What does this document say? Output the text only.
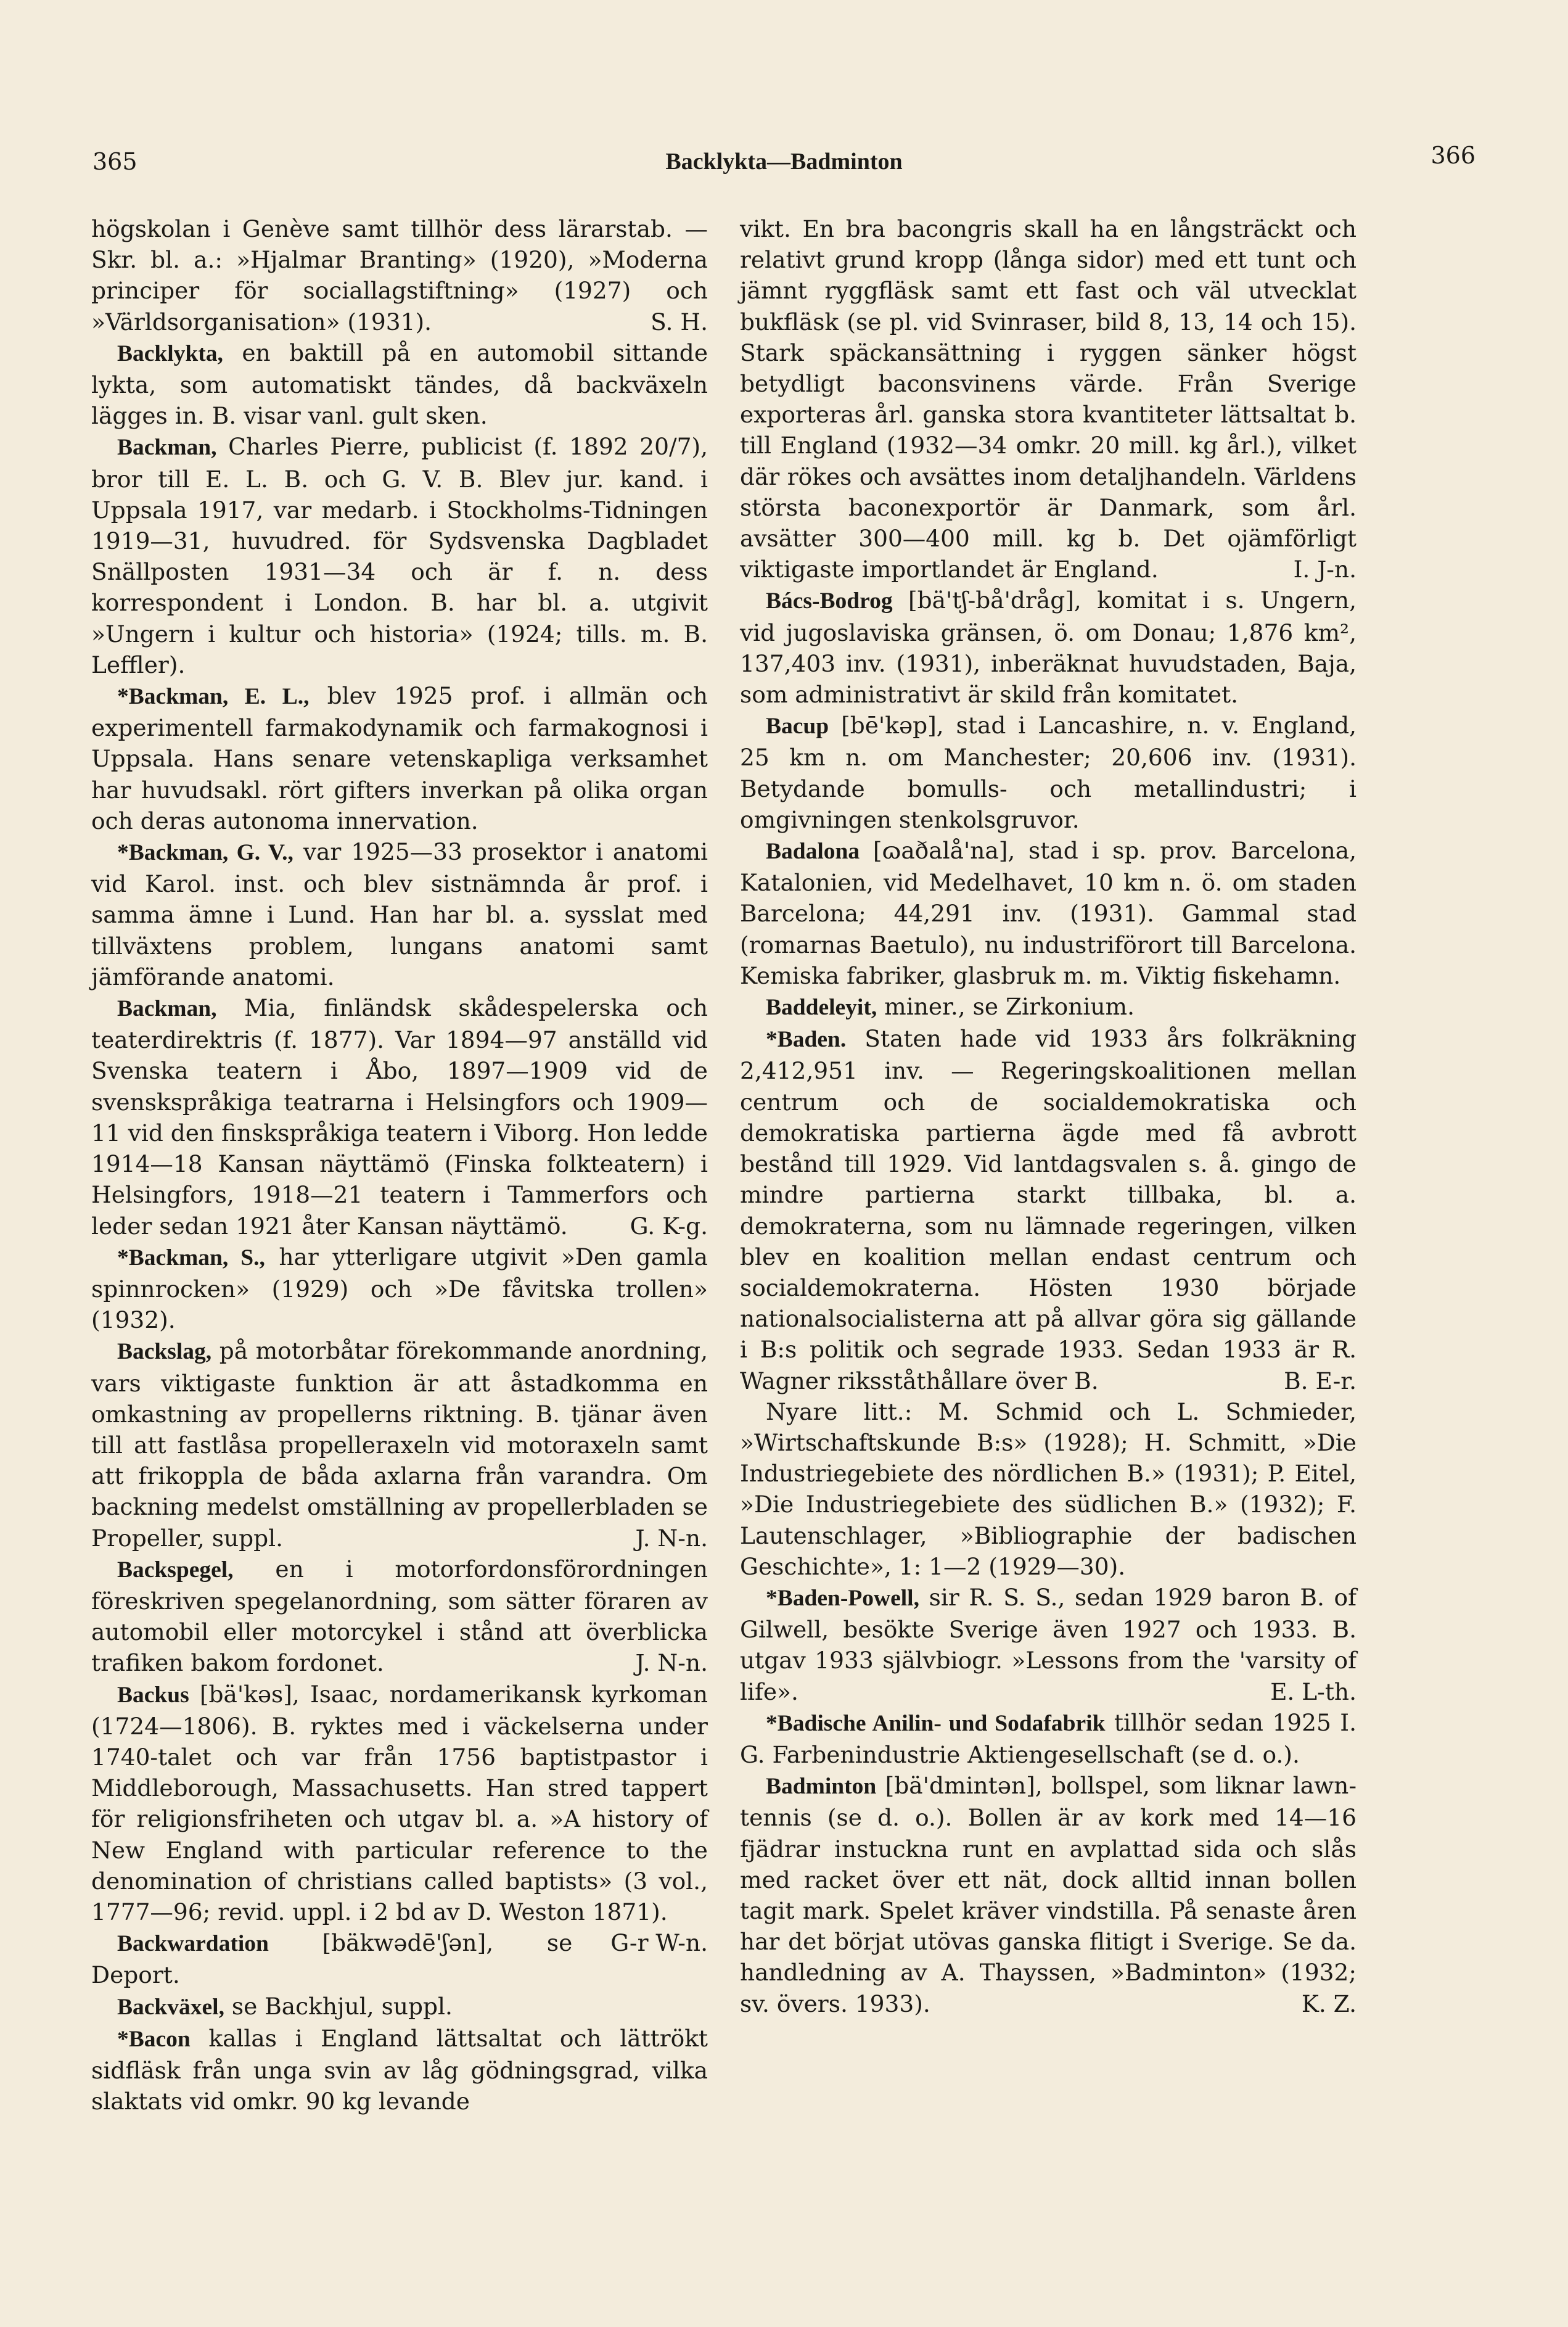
365	Backlykta—Badminton	366

högskolan i Genève samt tillhör dess lärarstab. — Skr. bl. a.: »Hjalmar Branting» (1920), »Moderna principer för sociallagstiftning» (1927) och »Världsorganisation» (1931).	S. H.

Backlykta, en baktill på en automobil sittande lykta, som automatiskt tändes, då backväxeln lägges in. B. visar vanl. gult sken.

Backman, Charles Pierre, publicist (f. 1892 20/7), bror till E. L. B. och G. V. B. Blev jur. kand. i Uppsala 1917, var medarb. i Stockholms-Tidningen 1919—31, huvudred. för Sydsvenska Dagbladet Snällposten 1931—34 och är f. n. dess korrespondent i London. B. har bl. a. utgivit »Ungern i kultur och historia» (1924; tills. m. B. Leffler).

*Backman, E. L., blev 1925 prof. i allmän och experimentell farmakodynamik och farmakognosi i Uppsala. Hans senare vetenskapliga verksamhet har huvudsakl. rört gifters inverkan på olika organ och deras autonoma innervation.

*Backman, G. V., var 1925—33 prosektor i anatomi vid Karol. inst. och blev sistnämnda år prof. i samma ämne i Lund. Han har bl. a. sysslat med tillväxtens problem, lungans anatomi samt jämförande anatomi.

Backman, Mia, finländsk skådespelerska och teaterdirektris (f. 1877). Var 1894—97 anställd vid Svenska teatern i Åbo, 1897—1909 vid de svenskspråkiga teatrarna i Helsingfors och 1909—11 vid den finskspråkiga teatern i Viborg. Hon ledde 1914—18 Kansan näyttämö (Finska folkteatern) i Helsingfors, 1918—21 teatern i Tammerfors och leder sedan 1921 åter Kansan näyttämö.	G. K-g.

*Backman, S., har ytterligare utgivit »Den gamla spinnrocken» (1929) och »De fåvitska trollen» (1932).

Backslag, på motorbåtar förekommande anordning, vars viktigaste funktion är att åstadkomma en omkastning av propellerns riktning. B. tjänar även till att fastlåsa propelleraxeln vid motoraxeln samt att frikoppla de båda axlarna från varandra. Om backning medelst omställning av propellerbladen se Propeller, suppl.	J. N-n.

Backspegel, en i motorfordonsförordningen föreskriven spegelanordning, som sätter föraren av automobil eller motorcykel i stånd att överblicka trafiken bakom fordonet.	J. N-n.

Backus [bä'kəs], Isaac, nordamerikansk kyrkoman (1724—1806). B. ryktes med i väckelserna under 1740-talet och var från 1756 baptistpastor i Middleborough, Massachusetts. Han stred tappert för religionsfriheten och utgav bl. a. »A history of New England with particular reference to the denomination of christians called baptists» (3 vol., 1777—96; revid. uppl. i 2 bd av D. Weston 1871).
G-r W-n.

Backwardation [bäkwədē'ʃən], se Deport.

Backväxel, se Backhjul, suppl.

*Bacon kallas i England lättsaltat och lättrökt sidfläsk från unga svin av låg gödningsgrad, vilka slaktats vid omkr. 90 kg levande

vikt. En bra bacongris skall ha en långsträckt och relativt grund kropp (långa sidor) med ett tunt och jämnt ryggfläsk samt ett fast och väl utvecklat bukfläsk (se pl. vid Svinraser, bild 8, 13, 14 och 15). Stark späckansättning i ryggen sänker högst betydligt baconsvinens värde. Från Sverige exporteras årl. ganska stora kvantiteter lättsaltat b. till England (1932—34 omkr. 20 mill. kg årl.), vilket där rökes och avsättes inom detaljhandeln. Världens största baconexportör är Danmark, som årl. avsätter 300—400 mill. kg b. Det ojämförligt viktigaste importlandet är England.	I. J-n.

Bács-Bodrog [bä'tʃ-bå'dråg], komitat i s. Ungern, vid jugoslaviska gränsen, ö. om Donau; 1,876 km², 137,403 inv. (1931), inberäknat huvudstaden, Baja, som administrativt är skild från komitatet.

Bacup [bē'kəp], stad i Lancashire, n. v. England, 25 km n. om Manchester; 20,606 inv. (1931). Betydande bomulls- och metallindustri; i omgivningen stenkolsgruvor.

Badalona [ɷaðalå'na], stad i sp. prov. Barcelona, Katalonien, vid Medelhavet, 10 km n. ö. om staden Barcelona; 44,291 inv. (1931). Gammal stad (romarnas Baetulo), nu industriförort till Barcelona. Kemiska fabriker, glasbruk m. m. Viktig fiskehamn.

Baddeleyit, miner., se Zirkonium.

*Baden. Staten hade vid 1933 års folkräkning 2,412,951 inv. — Regeringskoalitionen mellan centrum och de socialdemokratiska och demokratiska partierna ägde med få avbrott bestånd till 1929. Vid lantdagsvalen s. å. gingo de mindre partierna starkt tillbaka, bl. a. demokraterna, som nu lämnade regeringen, vilken blev en koalition mellan endast centrum och socialdemokraterna. Hösten 1930 började nationalsocialisterna att på allvar göra sig gällande i B:s politik och segrade 1933. Sedan 1933 är R. Wagner riksståthållare över B.	B. E-r.

Nyare litt.: M. Schmid och L. Schmieder, »Wirtschaftskunde B:s» (1928); H. Schmitt, »Die Industriegebiete des nördlichen B.» (1931); P. Eitel, »Die Industriegebiete des südlichen B.» (1932); F. Lautenschlager, »Bibliographie der badischen Geschichte», 1: 1—2 (1929—30).

*Baden-Powell, sir R. S. S., sedan 1929 baron B. of Gilwell, besökte Sverige även 1927 och 1933. B. utgav 1933 självbiogr. »Lessons from the 'varsity of life».	E. L-th.

*Badische Anilin- und Sodafabrik tillhör sedan 1925 I. G. Farbenindustrie Aktiengesellschaft (se d. o.).

Badminton [bä'dmintən], bollspel, som liknar lawn-tennis (se d. o.). Bollen är av kork med 14—16 fjädrar instuckna runt en avplattad sida och slås med racket över ett nät, dock alltid innan bollen tagit mark. Spelet kräver vindstilla. På senaste åren har det börjat utövas ganska flitigt i Sverige. Se da. handledning av A. Thayssen, »Badminton» (1932; sv. övers. 1933).	K. Z.
